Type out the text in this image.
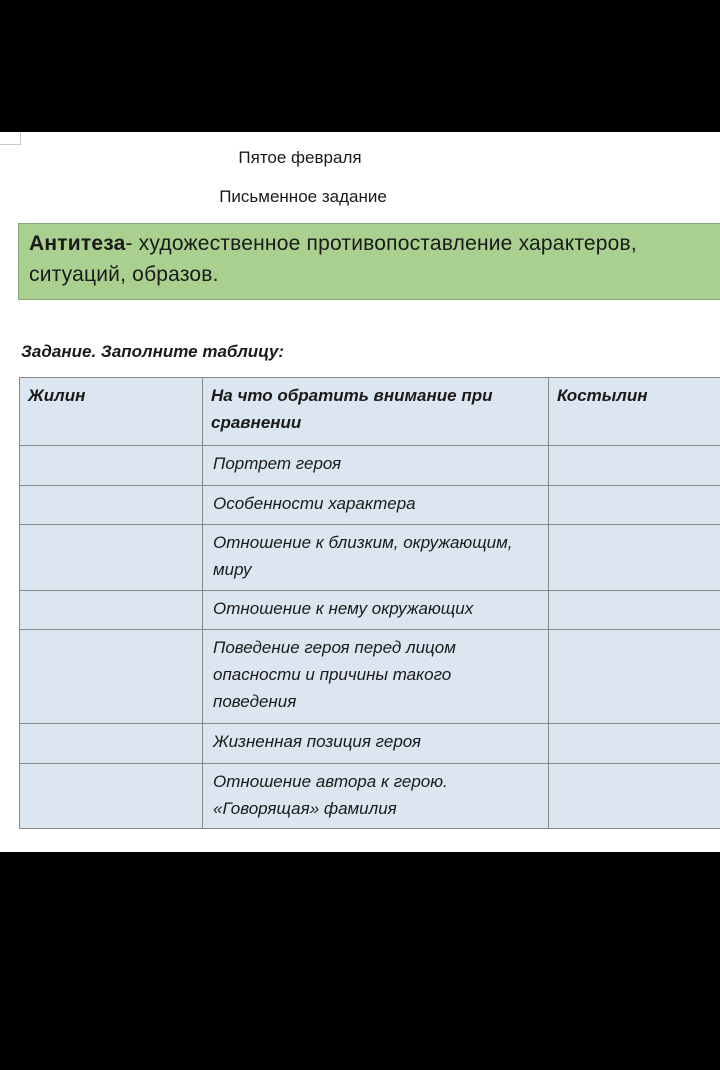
Пятое февраля
Письменное задание
Антитеза- художественное противопоставление характеров, ситуаций, образов.
Задание. Заполните таблицу:
Жилин	На что обратить внимание при сравнении	Костылин
	Портрет героя	
	Особенности характера	
	Отношение к близким, окружающим, миру	
	Отношение к нему окружающих	
	Поведение героя перед лицом опасности и причины такого поведения	
	Жизненная позиция героя	
	Отношение автора к герою. «Говорящая» фамилия	
